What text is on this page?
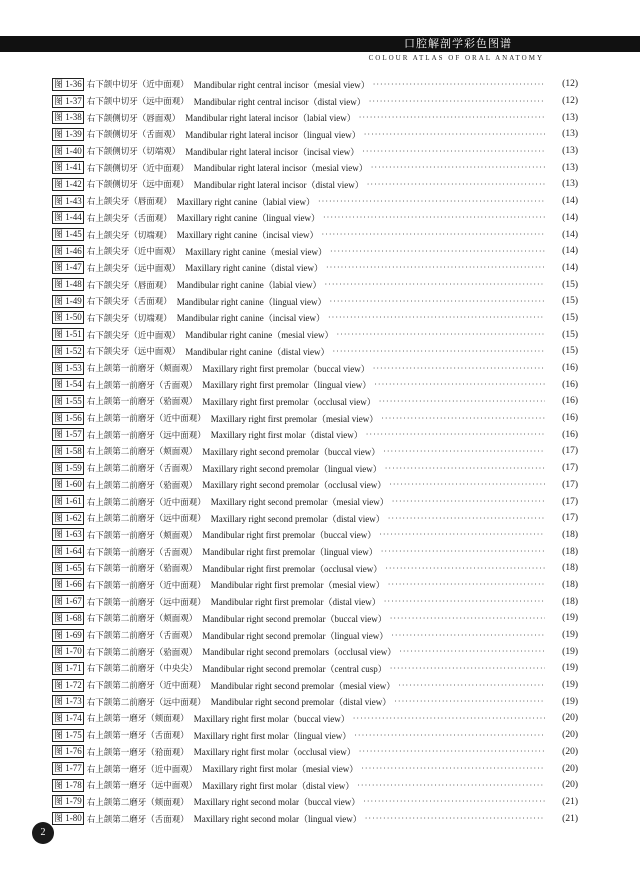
口腔解剖学彩色图谱
COLOUR ATLAS OF ORAL ANATOMY
图 1-36 右下颌中切牙（近中面观） Mandibular right central incisor（mesial view） ·····	(12)
图 1-37 右下颌中切牙（远中面观） Mandibular right central incisor（distal view） ·····	(12)
图 1-38 右下颌侧切牙（唇面观） Mandibular right lateral incisor（labial view） ·····	(13)
图 1-39 右下颌侧切牙（舌面观） Mandibular right lateral incisor（lingual view） ·····	(13)
图 1-40 右下颌侧切牙（切端观） Mandibular right lateral incisor（incisal view） ·····	(13)
图 1-41 右下颌侧切牙（近中面观） Mandibular right lateral incisor（mesial view） ·····	(13)
图 1-42 右下颌侧切牙（远中面观） Mandibular right lateral incisor（distal view） ·····	(13)
图 1-43 右上颌尖牙（唇面观） Maxillary right canine（labial view） ·····	(14)
图 1-44 右上颌尖牙（舌面观） Maxillary right canine（lingual view） ·····	(14)
图 1-45 右上颌尖牙（切端观） Maxillary right canine（incisal view） ·····	(14)
图 1-46 右上颌尖牙（近中面观） Maxillary right canine（mesial view） ·····	(14)
图 1-47 右上颌尖牙（远中面观） Maxillary right canine（distal view） ·····	(14)
图 1-48 右下颌尖牙（唇面观） Mandibular right canine（labial view） ·····	(15)
图 1-49 右下颌尖牙（舌面观） Mandibular right canine（lingual view） ·····	(15)
图 1-50 右下颌尖牙（切端观） Mandibular right canine（incisal view） ·····	(15)
图 1-51 右下颌尖牙（近中面观） Mandibular right canine（mesial view） ·····	(15)
图 1-52 右下颌尖牙（远中面观） Mandibular right canine（distal view） ·····	(15)
图 1-53 右上颌第一前磨牙（颊面观） Maxillary right first premolar（buccal view） ·····	(16)
图 1-54 右上颌第一前磨牙（舌面观） Maxillary right first premolar（lingual view） ·····	(16)
图 1-55 右上颌第一前磨牙（𬌗面观） Maxillary right first premolar（occlusal view） ·····	(16)
图 1-56 右上颌第一前磨牙（近中面观） Maxillary right first premolar（mesial view） ·····	(16)
图 1-57 右上颌第一前磨牙（远中面观） Maxillary right first molar（distal view） ·····	(16)
图 1-58 右上颌第二前磨牙（颊面观） Maxillary right second premolar（buccal view） ·····	(17)
图 1-59 右上颌第二前磨牙（舌面观） Maxillary right second premolar（lingual view） ·····	(17)
图 1-60 右上颌第二前磨牙（𬌗面观） Maxillary right second premolar（occlusal view） ·····	(17)
图 1-61 右上颌第二前磨牙（近中面观） Maxillary right second premolar（mesial view） ·····	(17)
图 1-62 右上颌第二前磨牙（远中面观） Maxillary right second premolar（distal view） ·····	(17)
图 1-63 右下颌第一前磨牙（颊面观） Mandibular right first premolar（buccal view） ·····	(18)
图 1-64 右下颌第一前磨牙（舌面观） Mandibular right first premolar（lingual view） ·····	(18)
图 1-65 右下颌第一前磨牙（𬌗面观） Mandibular right first premolar（occlusal view） ·····	(18)
图 1-66 右下颌第一前磨牙（近中面观） Mandibular right first premolar（mesial view） ·····	(18)
图 1-67 右下颌第一前磨牙（远中面观） Mandibular right first premolar（distal view） ·····	(18)
图 1-68 右下颌第二前磨牙（颊面观） Mandibular right second premolar（buccal view） ·····	(19)
图 1-69 右下颌第二前磨牙（舌面观） Mandibular right second premolar（lingual view） ·····	(19)
图 1-70 右下颌第二前磨牙（𬌗面观） Mandibular right second premolars（occlusal view） ·····	(19)
图 1-71 右下颌第二前磨牙（中央尖） Mandibular right second premolar（central cusp） ·····	(19)
图 1-72 右下颌第二前磨牙（近中面观） Mandibular right second premolar（mesial view） ·····	(19)
图 1-73 右下颌第二前磨牙（远中面观） Mandibular right second premolar（distal view） ·····	(19)
图 1-74 右上颌第一磨牙（颊面观） Maxillary right first molar（buccal view） ·····	(20)
图 1-75 右上颌第一磨牙（舌面观） Maxillary right first molar（lingual view） ·····	(20)
图 1-76 右上颌第一磨牙（𬌗面观） Maxillary right first molar（occlusal view） ·····	(20)
图 1-77 右上颌第一磨牙（近中面观） Maxillary right first molar（mesial view） ·····	(20)
图 1-78 右上颌第一磨牙（远中面观） Maxillary right first molar（distal view） ·····	(20)
图 1-79 右上颌第二磨牙（颊面观） Maxillary right second molar（buccal view） ·····	(21)
图 1-80 右上颌第二磨牙（舌面观） Maxillary right second molar（lingual view） ·····	(21)
2
